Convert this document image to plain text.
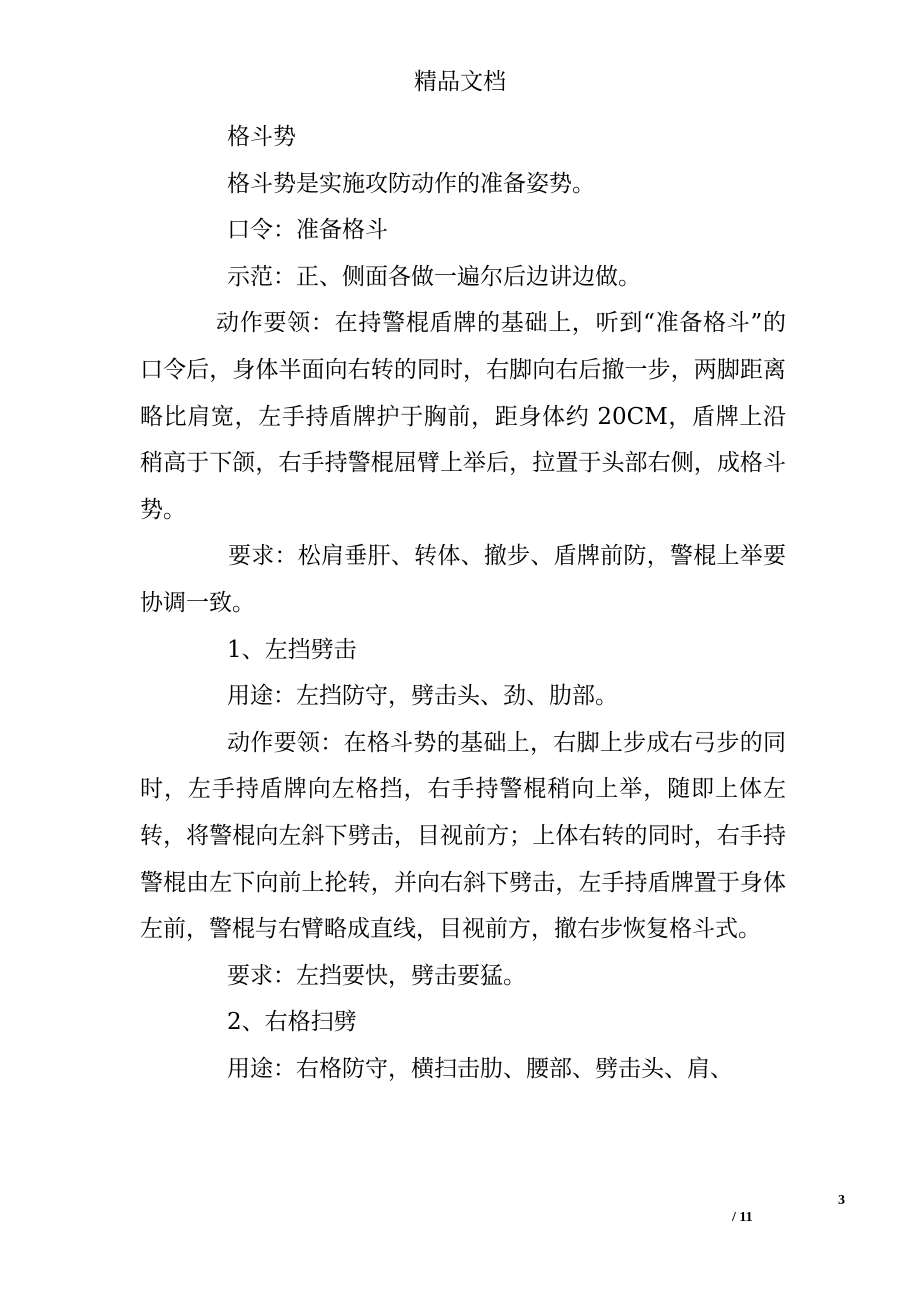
精品文档

格斗势

格斗势是实施攻防动作的准备姿势。

口令：准备格斗

示范：正、侧面各做一遍尔后边讲边做。

动作要领：在持警棍盾牌的基础上，听到“准备格斗”的口令后，身体半面向右转的同时，右脚向右后撤一步，两脚距离略比肩宽，左手持盾牌护于胸前，距身体约 20CM，盾牌上沿稍高于下颌，右手持警棍屈臂上举后，拉置于头部右侧，成格斗势。

要求：松肩垂肝、转体、撤步、盾牌前防，警棍上举要协调一致。

1、左挡劈击

用途：左挡防守，劈击头、劲、肋部。

动作要领：在格斗势的基础上，右脚上步成右弓步的同时，左手持盾牌向左格挡，右手持警棍稍向上举，随即上体左转，将警棍向左斜下劈击，目视前方；上体右转的同时，右手持警棍由左下向前上抡转，并向右斜下劈击，左手持盾牌置于身体左前，警棍与右臂略成直线，目视前方，撤右步恢复格斗式。

要求：左挡要快，劈击要猛。

2、右格扫劈

用途：右格防守，横扫击肋、腰部、劈击头、肩、

3
/ 11
